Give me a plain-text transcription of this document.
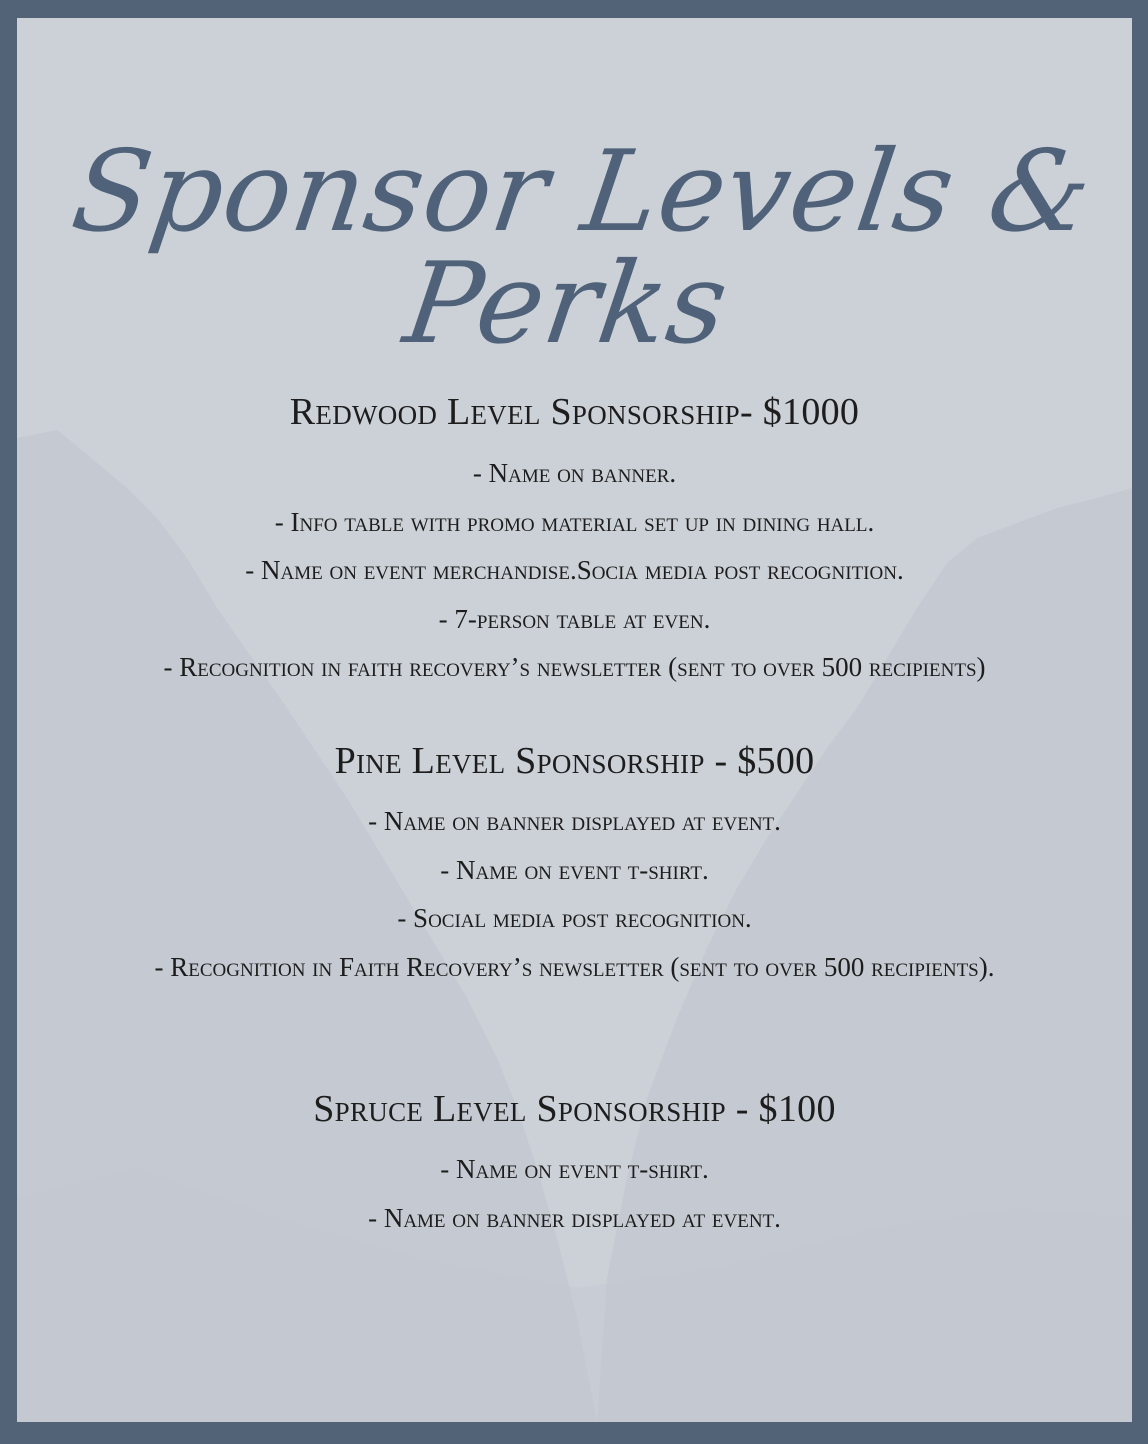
Sponsor Levels & Perks
Redwood Level Sponsorship- $1000
- Name on banner.
- Info table with promo material set up in dining hall.
- Name on event merchandise.Socia media post recognition.
- 7-person table at even.
- Recognition in faith recovery’s newsletter (sent to over 500 recipients)
Pine Level Sponsorship - $500
- Name on banner displayed at event.
- Name on event t-shirt.
- Social media post recognition.
- Recognition in Faith Recovery’s newsletter (sent to over 500 recipients).
Spruce Level Sponsorship - $100
- Name on event t-shirt.
- Name on banner displayed at event.
